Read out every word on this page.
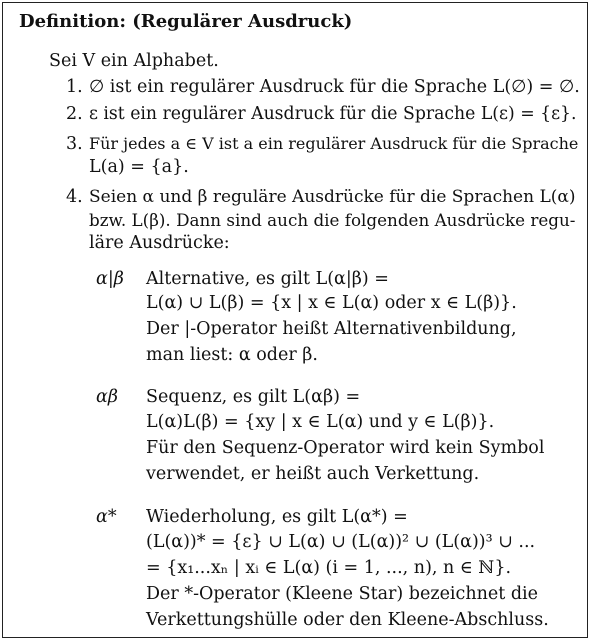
Definition: (Regulärer Ausdruck)
Sei V ein Alphabet.
1. ∅ ist ein regulärer Ausdruck für die Sprache L(∅) = ∅.
2. ε ist ein regulärer Ausdruck für die Sprache L(ε) = {ε}.
3. Für jedes a ∈ V ist a ein regulärer Ausdruck für die Sprache
L(a) = {a}.
4. Seien α und β reguläre Ausdrücke für die Sprachen L(α)
bzw. L(β). Dann sind auch die folgenden Ausdrücke regu-
läre Ausdrücke:
α|β Alternative, es gilt L(α|β) =
L(α) ∪ L(β) = {x | x ∈ L(α) oder x ∈ L(β)}.
Der |-Operator heißt Alternativenbildung,
man liest: α oder β.
αβ Sequenz, es gilt L(αβ) =
L(α)L(β) = {xy | x ∈ L(α) und y ∈ L(β)}.
Für den Sequenz-Operator wird kein Symbol
verwendet, er heißt auch Verkettung.
α* Wiederholung, es gilt L(α*) =
(L(α))* = {ε} ∪ L(α) ∪ (L(α))² ∪ (L(α))³ ∪ ...
= {x₁...xₙ | xᵢ ∈ L(α) (i = 1, ..., n), n ∈ ℕ}.
Der *-Operator (Kleene Star) bezeichnet die
Verkettungshülle oder den Kleene-Abschluss.
